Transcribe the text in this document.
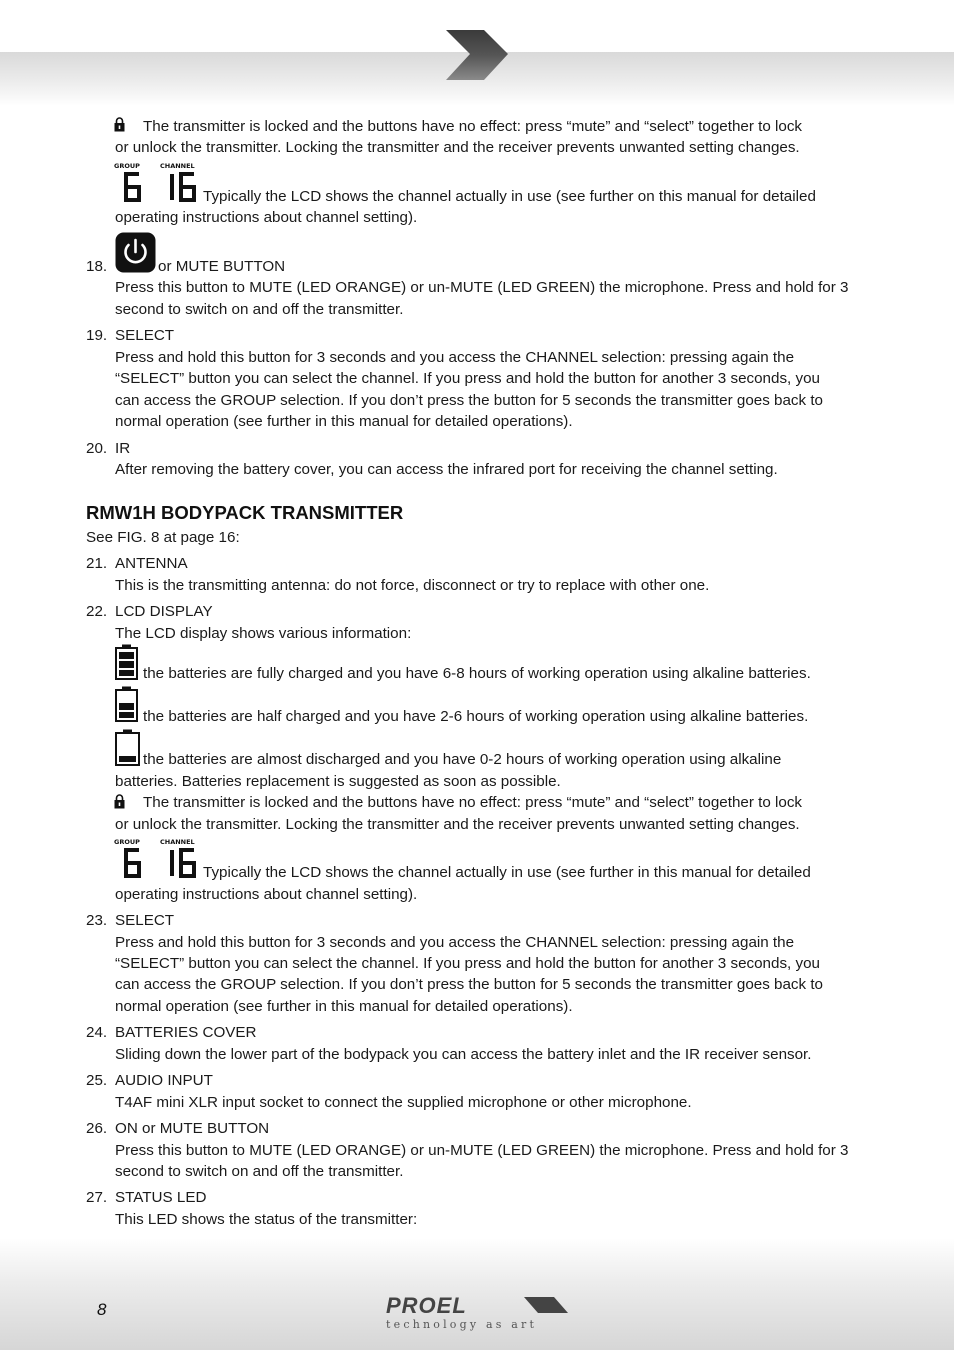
8	PROEL
technology as art
The transmitter is locked and the buttons have no effect: press “mute” and “select” together to lock
or unlock the transmitter. Locking the transmitter and the receiver prevents unwanted setting changes.
GROUP	CHANNEL
Typically the LCD shows the channel actually in use (see further on this manual for detailed
operating instructions about channel setting).
18.	or MUTE BUTTON
Press this button to MUTE (LED ORANGE) or un-MUTE (LED GREEN) the microphone. Press and hold for 3
second to switch on and off the transmitter.
19. SELECT
Press and hold this button for 3 seconds and you access the CHANNEL selection: pressing again the
“SELECT” button you can select the channel. If you press and hold the button for another 3 seconds, you
can access the GROUP selection. If you don’t press the button for 5 seconds the transmitter goes back to
normal operation (see further in this manual for detailed operations).
20. IR
After removing the battery cover, you can access the infrared port for receiving the channel setting.
RMW1H BODYPACK TRANSMITTER
See FIG. 8 at page 16:
21. ANTENNA
This is the transmitting antenna: do not force, disconnect or try to replace with other one.
22. LCD DISPLAY
The LCD display shows various information:
the batteries are fully charged and you have 6-8 hours of working operation using alkaline batteries.
the batteries are half charged and you have 2-6 hours of working operation using alkaline batteries.
the batteries are almost discharged and you have 0-2 hours of working operation using alkaline
batteries. Batteries replacement is suggested as soon as possible.
The transmitter is locked and the buttons have no effect: press “mute” and “select” together to lock
or unlock the transmitter. Locking the transmitter and the receiver prevents unwanted setting changes.
GROUP	CHANNEL
Typically the LCD shows the channel actually in use (see further in this manual for detailed
operating instructions about channel setting).
23. SELECT
Press and hold this button for 3 seconds and you access the CHANNEL selection: pressing again the
“SELECT” button you can select the channel. If you press and hold the button for another 3 seconds, you
can access the GROUP selection. If you don’t press the button for 5 seconds the transmitter goes back to
normal operation (see further in this manual for detailed operations).
24. BATTERIES COVER
Sliding down the lower part of the bodypack you can access the battery inlet and the IR receiver sensor.
25. AUDIO INPUT
T4AF mini XLR input socket to connect the supplied microphone or other microphone.
26. ON or MUTE BUTTON
Press this button to MUTE (LED ORANGE) or un-MUTE (LED GREEN) the microphone. Press and hold for 3
second to switch on and off the transmitter.
27. STATUS LED
This LED shows the status of the transmitter:
